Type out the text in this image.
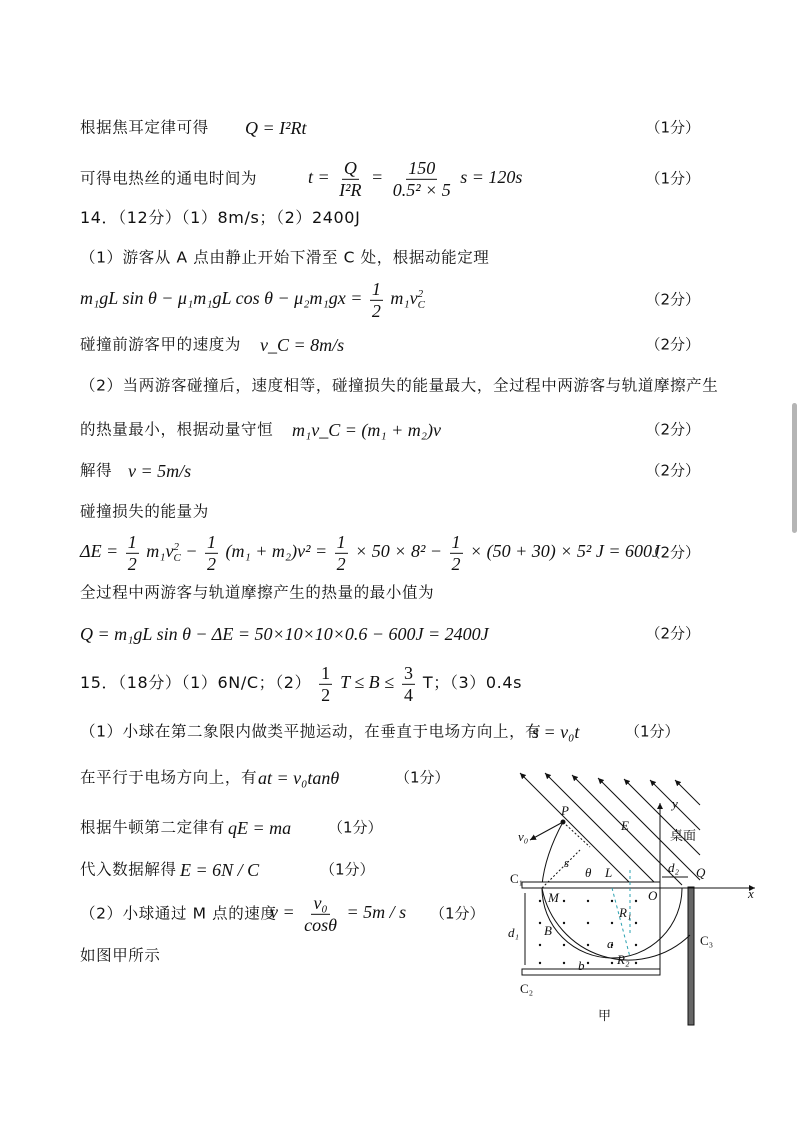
根据焦耳定律可得 Q = I²Rt	（1分）
可得电热丝的通电时间为	$t = \frac{Q}{\text{I²R}} = \frac{150}{\text{0.5² × 5}}$ s = 120s	（1分）
14．（12分）（1）8m/s；（2）2400J
（1）游客从 A 点由静止开始下滑至 C 处，根据动能定理
m₁gL sin θ − μ₁m₁gL $\cos \theta - \mu_2m_1gx = \frac{1}{2} m_1v$ 2
C	（2分）
碰撞前游客甲的速度为 v_C = 8m/s	（2分）
（2）当两游客碰撞后，速度相等，碰撞损失的能量最大，全过程中两游客与轨道摩擦产生
的热量最小，根据动量守恒 m₁v_C = (m₁ + m₂)v	（2分）
解得 v = 5m/s	（2分）
碰撞损失的能量为
$\Delta E = \frac{1}{2} m_1v$ 2
$C - \frac{1}{2} (m_1 + m_2)v^2 = \frac{1}{2} \times 50 \times 8^2 - \frac{1}{2} \times (50 + 30) \times 5^2$ J = 600J
（2分）
全过程中两游客与轨道摩擦产生的热量的最小值为
Q = m₁gL sin θ − ΔE = 50×10×10×0.6 − 600J = 2400J	（2分）
15．（18分）（1）6N/C；$(2) \frac{1}{2}$ $T \le B \le \frac{3}{4}$ T；（3）0.4s
（1）小球在第二象限内做类平抛运动，在垂直于电场方向上，有
s = v₀t	（1分）
在平行于电场方向上，有 at = v₀tanθ	（1分）
根据牛顿第二定律有 qE = ma （1分）
代入数据解得 E = 6N / C	（1分）
（2）小球通过 M 点的速度
$v = \frac{\text{v₀}}{\cos\theta} = 5m / s$ （1分）
如图甲所示
P
v₀
E
y
桌面
C₁
M
s
θ L
O
d₂ Q
x
R₁
d₁ B
a
R₂
b
C₃
C₂
甲
